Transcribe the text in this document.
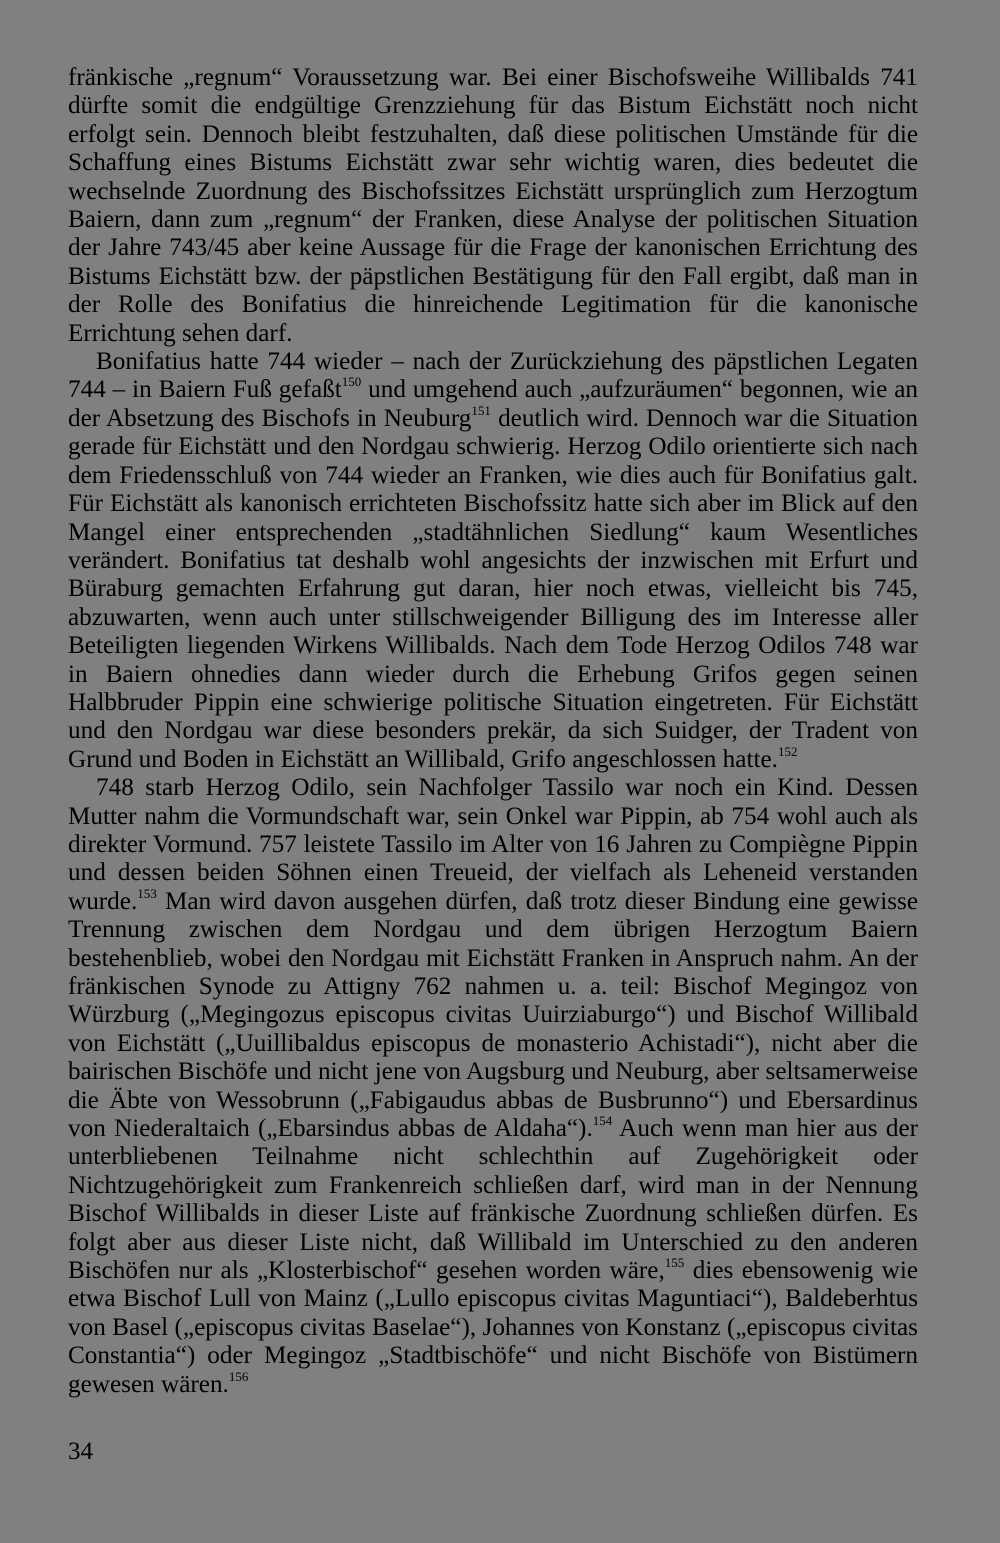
fränkische „regnum“ Voraussetzung war. Bei einer Bischofsweihe Willibalds 741 dürfte somit die endgültige Grenzziehung für das Bistum Eichstätt noch nicht erfolgt sein. Dennoch bleibt festzuhalten, daß diese politischen Umstände für die Schaffung eines Bistums Eichstätt zwar sehr wichtig waren, dies bedeutet die wechselnde Zuordnung des Bischofssitzes Eichstätt ursprünglich zum Herzogtum Baiern, dann zum „regnum“ der Franken, diese Analyse der politischen Situation der Jahre 743/45 aber keine Aussage für die Frage der kanonischen Errichtung des Bistums Eichstätt bzw. der päpstlichen Bestätigung für den Fall ergibt, daß man in der Rolle des Bonifatius die hinreichende Legitimation für die kanonische Errichtung sehen darf.

Bonifatius hatte 744 wieder – nach der Zurückziehung des päpstlichen Legaten 744 – in Baiern Fuß gefaßt$^{150}$ und umgehend auch „aufzuräumen“ begonnen, wie an der Absetzung des Bischofs in Neuburg$^{151}$ deutlich wird. Dennoch war die Situation gerade für Eichstätt und den Nordgau schwierig. Herzog Odilo orientierte sich nach dem Friedensschluß von 744 wieder an Franken, wie dies auch für Bonifatius galt. Für Eichstätt als kanonisch errichteten Bischofssitz hatte sich aber im Blick auf den Mangel einer entsprechenden „stadtähnlichen Siedlung“ kaum Wesentliches verändert. Bonifatius tat deshalb wohl angesichts der inzwischen mit Erfurt und Büraburg gemachten Erfahrung gut daran, hier noch etwas, vielleicht bis 745, abzuwarten, wenn auch unter stillschweigender Billigung des im Interesse aller Beteiligten liegenden Wirkens Willibalds. Nach dem Tode Herzog Odilos 748 war in Baiern ohnedies dann wieder durch die Erhebung Grifos gegen seinen Halbbruder Pippin eine schwierige politische Situation eingetreten. Für Eichstätt und den Nordgau war diese besonders prekär, da sich Suidger, der Tradent von Grund und Boden in Eichstätt an Willibald, Grifo angeschlossen hatte.$^{152}$

748 starb Herzog Odilo, sein Nachfolger Tassilo war noch ein Kind. Dessen Mutter nahm die Vormundschaft war, sein Onkel war Pippin, ab 754 wohl auch als direkter Vormund. 757 leistete Tassilo im Alter von 16 Jahren zu Compiègne Pippin und dessen beiden Söhnen einen Treueid, der vielfach als Leheneid verstanden wurde.$^{153}$ Man wird davon ausgehen dürfen, daß trotz dieser Bindung eine gewisse Trennung zwischen dem Nordgau und dem übrigen Herzogtum Baiern bestehenblieb, wobei den Nordgau mit Eichstätt Franken in Anspruch nahm. An der fränkischen Synode zu Attigny 762 nahmen u. a. teil: Bischof Megingoz von Würzburg („Megingozus episcopus civitas Uuirziaburgo“) und Bischof Willibald von Eichstätt („Uuillibaldus episcopus de monasterio Achistadi“), nicht aber die bairischen Bischöfe und nicht jene von Augsburg und Neuburg, aber seltsamerweise die Äbte von Wessobrunn („Fabigaudus abbas de Busbrunno“) und Ebersardinus von Niederaltaich („Ebarsindus abbas de Aldaha“).$^{154}$ Auch wenn man hier aus der unterbliebenen Teilnahme nicht schlechthin auf Zugehörigkeit oder Nichtzugehörigkeit zum Frankenreich schließen darf, wird man in der Nennung Bischof Willibalds in dieser Liste auf fränkische Zuordnung schließen dürfen. Es folgt aber aus dieser Liste nicht, daß Willibald im Unterschied zu den anderen Bischöfen nur als „Klosterbischof“ gesehen worden wäre,$^{155}$ dies ebensowenig wie etwa Bischof Lull von Mainz („Lullo episcopus civitas Maguntiaci“), Baldeberhtus von Basel („episcopus civitas Baselae“), Johannes von Konstanz („episcopus civitas Constantia“) oder Megingoz „Stadtbischöfe“ und nicht Bischöfe von Bistümern gewesen wären.$^{156}$

34
